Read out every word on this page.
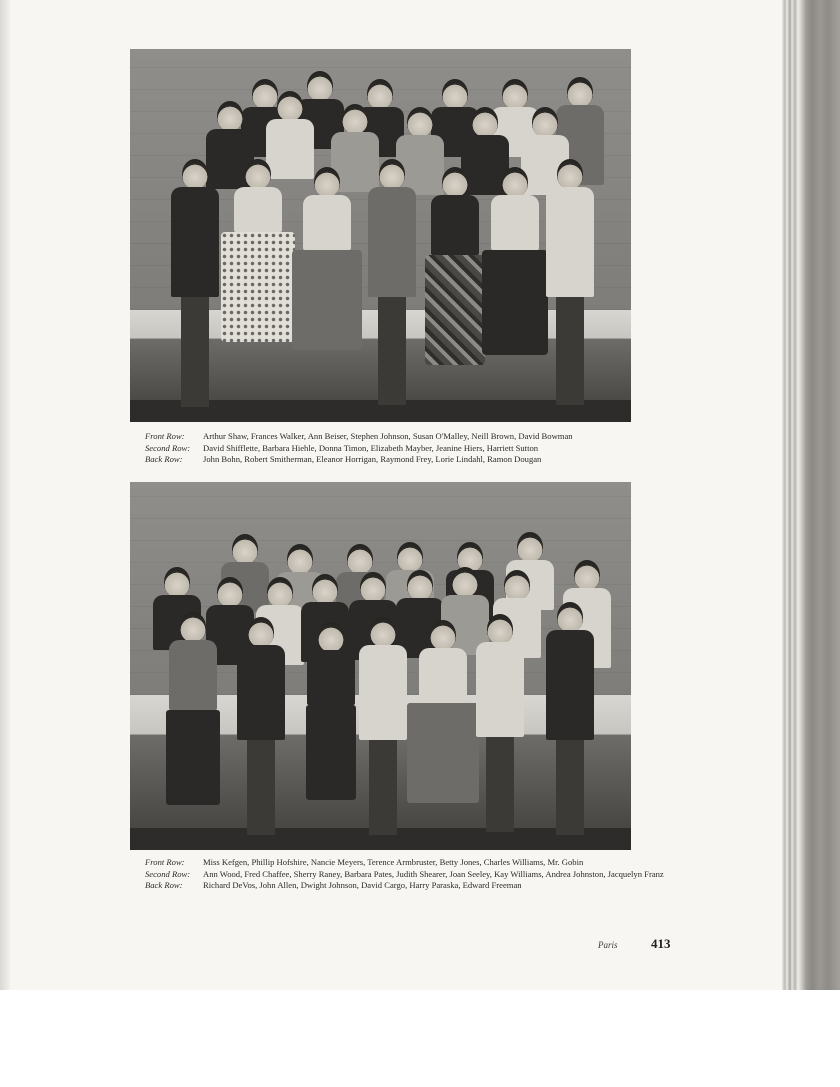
Front Row:	Arthur Shaw, Frances Walker, Ann Beiser, Stephen Johnson, Susan O'Malley, Neill Brown, David Bowman
Second Row:	David Shifflette, Barbara Hiehle, Donna Timon, Elizabeth Mayber, Jeanine Hiers, Harriett Sutton
Back Row:	John Bohn, Robert Smitherman, Eleanor Horrigan, Raymond Frey, Lorie Lindahl, Ramon Dougan
Front Row:	Miss Kefgen, Phillip Hofshire, Nancie Meyers, Terence Armbruster, Betty Jones, Charles Williams, Mr. Gobin
Second Row:	Ann Wood, Fred Chaffee, Sherry Raney, Barbara Pates, Judith Shearer, Joan Seeley, Kay Williams, Andrea Johnston, Jacquelyn Franz
Back Row:	Richard DeVos, John Allen, Dwight Johnson, David Cargo, Harry Paraska, Edward Freeman
Paris	413
